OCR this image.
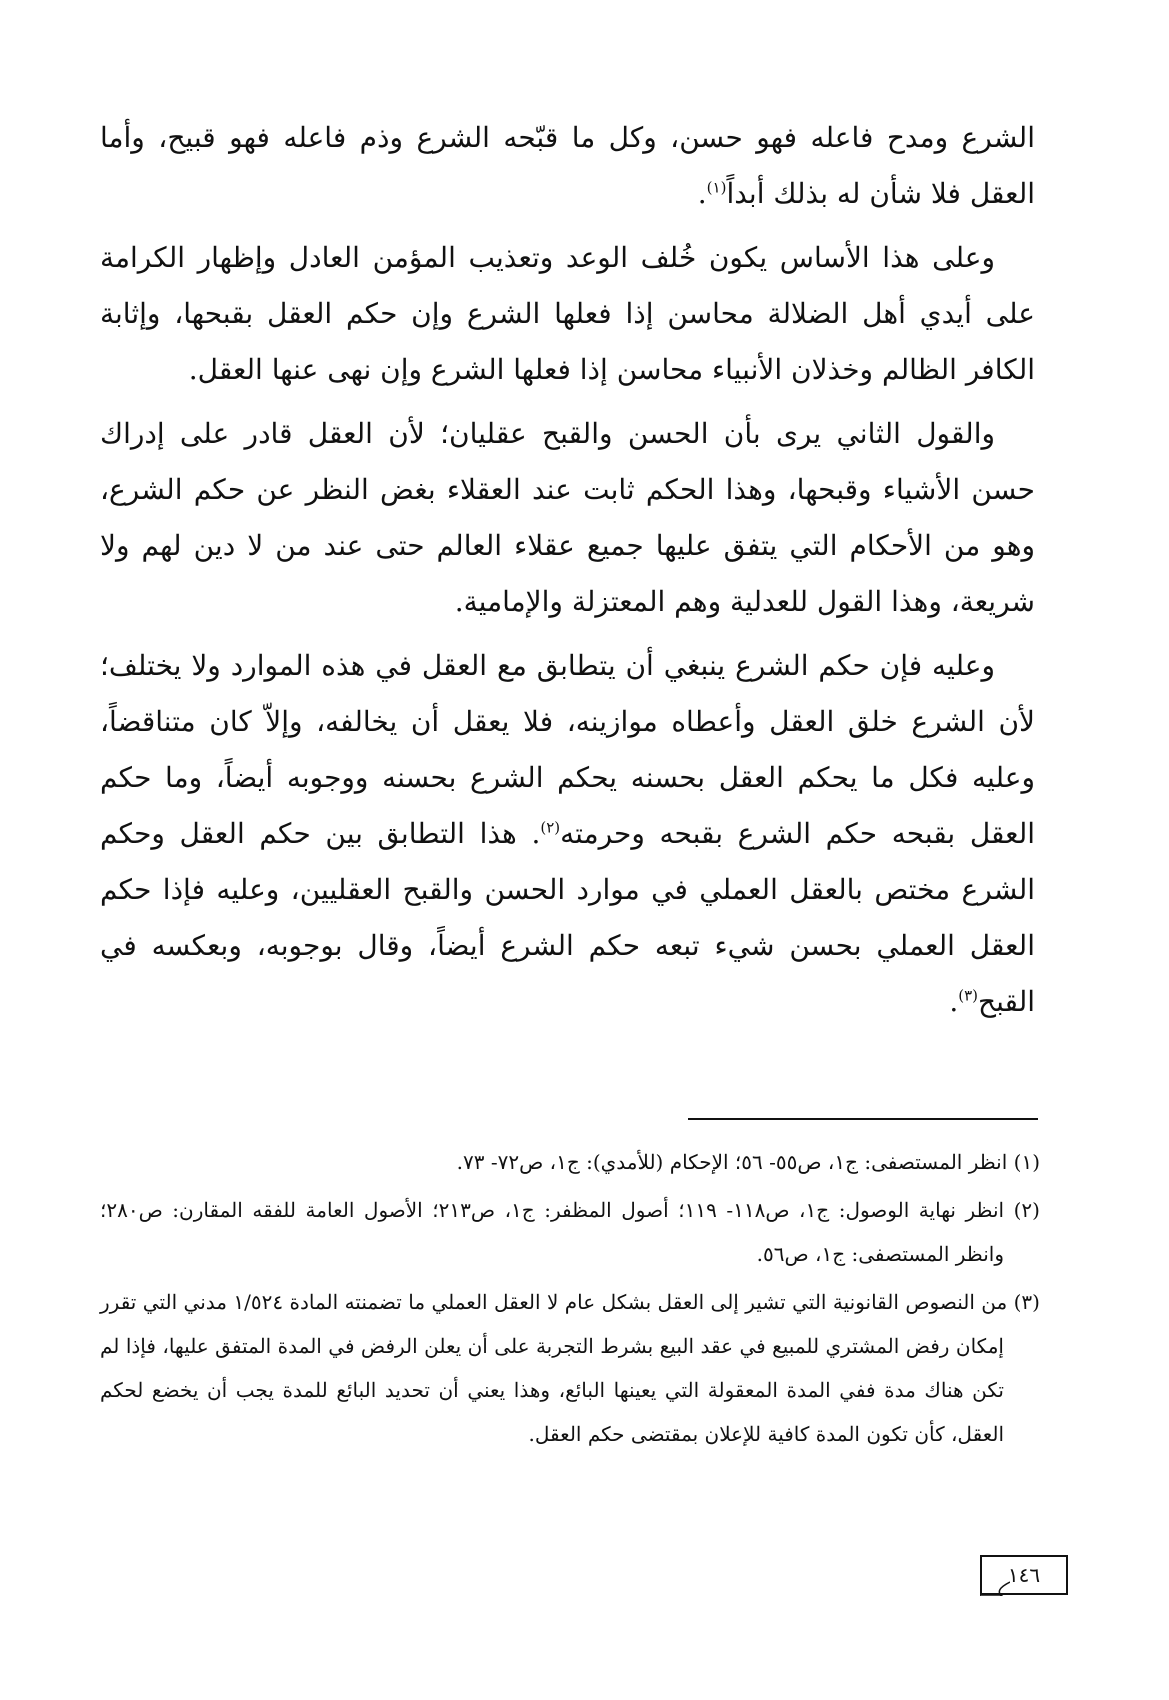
الشرع ومدح فاعله فهو حسن، وكل ما قبّحه الشرع وذم فاعله فهو قبيح، وأما العقل فلا شأن له بذلك أبداً$^{(١)}$.

وعلى هذا الأساس يكون خُلف الوعد وتعذيب المؤمن العادل وإظهار الكرامة على أيدي أهل الضلالة محاسن إذا فعلها الشرع وإن حكم العقل بقبحها، وإثابة الكافر الظالم وخذلان الأنبياء محاسن إذا فعلها الشرع وإن نهى عنها العقل.

والقول الثاني يرى بأن الحسن والقبح عقليان؛ لأن العقل قادر على إدراك حسن الأشياء وقبحها، وهذا الحكم ثابت عند العقلاء بغض النظر عن حكم الشرع، وهو من الأحكام التي يتفق عليها جميع عقلاء العالم حتى عند من لا دين لهم ولا شريعة، وهذا القول للعدلية وهم المعتزلة والإمامية.

وعليه فإن حكم الشرع ينبغي أن يتطابق مع العقل في هذه الموارد ولا يختلف؛ لأن الشرع خلق العقل وأعطاه موازينه، فلا يعقل أن يخالفه، وإلاّ كان متناقضاً، وعليه فكل ما يحكم العقل بحسنه يحكم الشرع بحسنه ووجوبه أيضاً، وما حكم العقل بقبحه حكم الشرع بقبحه وحرمته$^{(٢)}$. هذا التطابق بين حكم العقل وحكم الشرع مختص بالعقل العملي في موارد الحسن والقبح العقليين، وعليه فإذا حكم العقل العملي بحسن شيء تبعه حكم الشرع أيضاً، وقال بوجوبه، وبعكسه في القبح$^{(٣)}$.

(١) انظر المستصفى: ج١، ص٥٥- ٥٦؛ الإحكام (للأمدي): ج١، ص٧٢- ٧٣.

(٢) انظر نهاية الوصول: ج١، ص١١٨- ١١٩؛ أصول المظفر: ج١، ص٢١٣؛ الأصول العامة للفقه المقارن: ص٢٨٠؛ وانظر المستصفى: ج١، ص٥٦.

(٣) من النصوص القانونية التي تشير إلى العقل بشكل عام لا العقل العملي ما تضمنته المادة ١/٥٢٤ مدني التي تقرر إمكان رفض المشتري للمبيع في عقد البيع بشرط التجربة على أن يعلن الرفض في المدة المتفق عليها، فإذا لم تكن هناك مدة ففي المدة المعقولة التي يعينها البائع، وهذا يعني أن تحديد البائع للمدة يجب أن يخضع لحكم العقل، كأن تكون المدة كافية للإعلان بمقتضى حكم العقل.

١٤٦
